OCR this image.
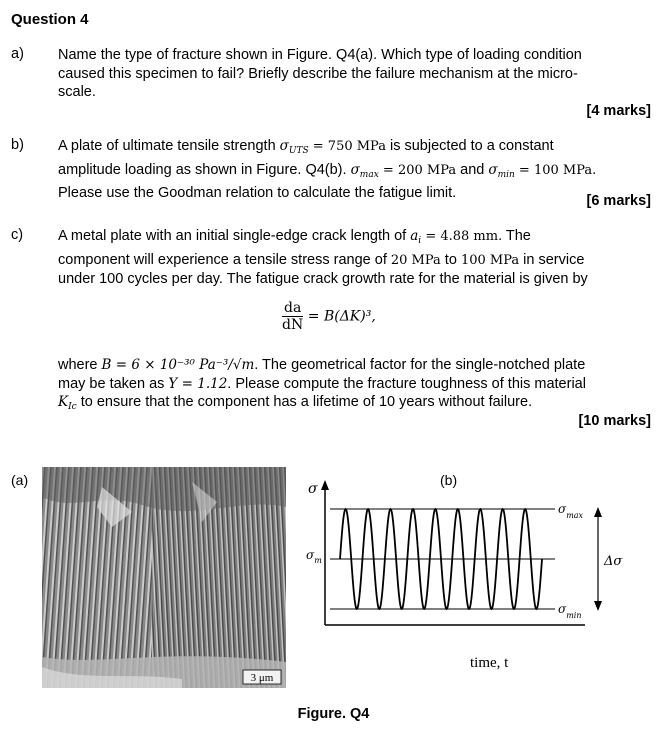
Question 4
a) Name the type of fracture shown in Figure. Q4(a). Which type of loading condition
caused this specimen to fail? Briefly describe the failure mechanism at the micro-
scale.
[4 marks]
b) A plate of ultimate tensile strength $\sigma_{UTS} = 750$ MPa is subjected to a constant
amplitude loading as shown in Figure. Q4(b). $\sigma_{max} = 200$ MPa and $\sigma_{min} = 100$ MPa.
Please use the Goodman relation to calculate the fatigue limit.	[6 marks]
c) A metal plate with an initial single-edge crack length of $a_i = 4.88$ mm. The
component will experience a tensile stress range of 20 MPa to 100 MPa in service
under 100 cycles per day. The fatigue crack growth rate for the material is given by
$\frac{da}{dN} = B(\Delta K)^3$,
where B = 6 × 10⁻³⁰ Pa⁻³/√m. The geometrical factor for the single-notched plate
may be taken as Y = 1.12. Please compute the fracture toughness of this material
$K_{Ic}$ to ensure that the component has a lifetime of 10 years without failure.
[10 marks]
(a)
3 μm
(b)
σ
$\sigma_m$
$\sigma_{max}$
$\sigma_{min}$
Δσ
time, t
Figure. Q4
